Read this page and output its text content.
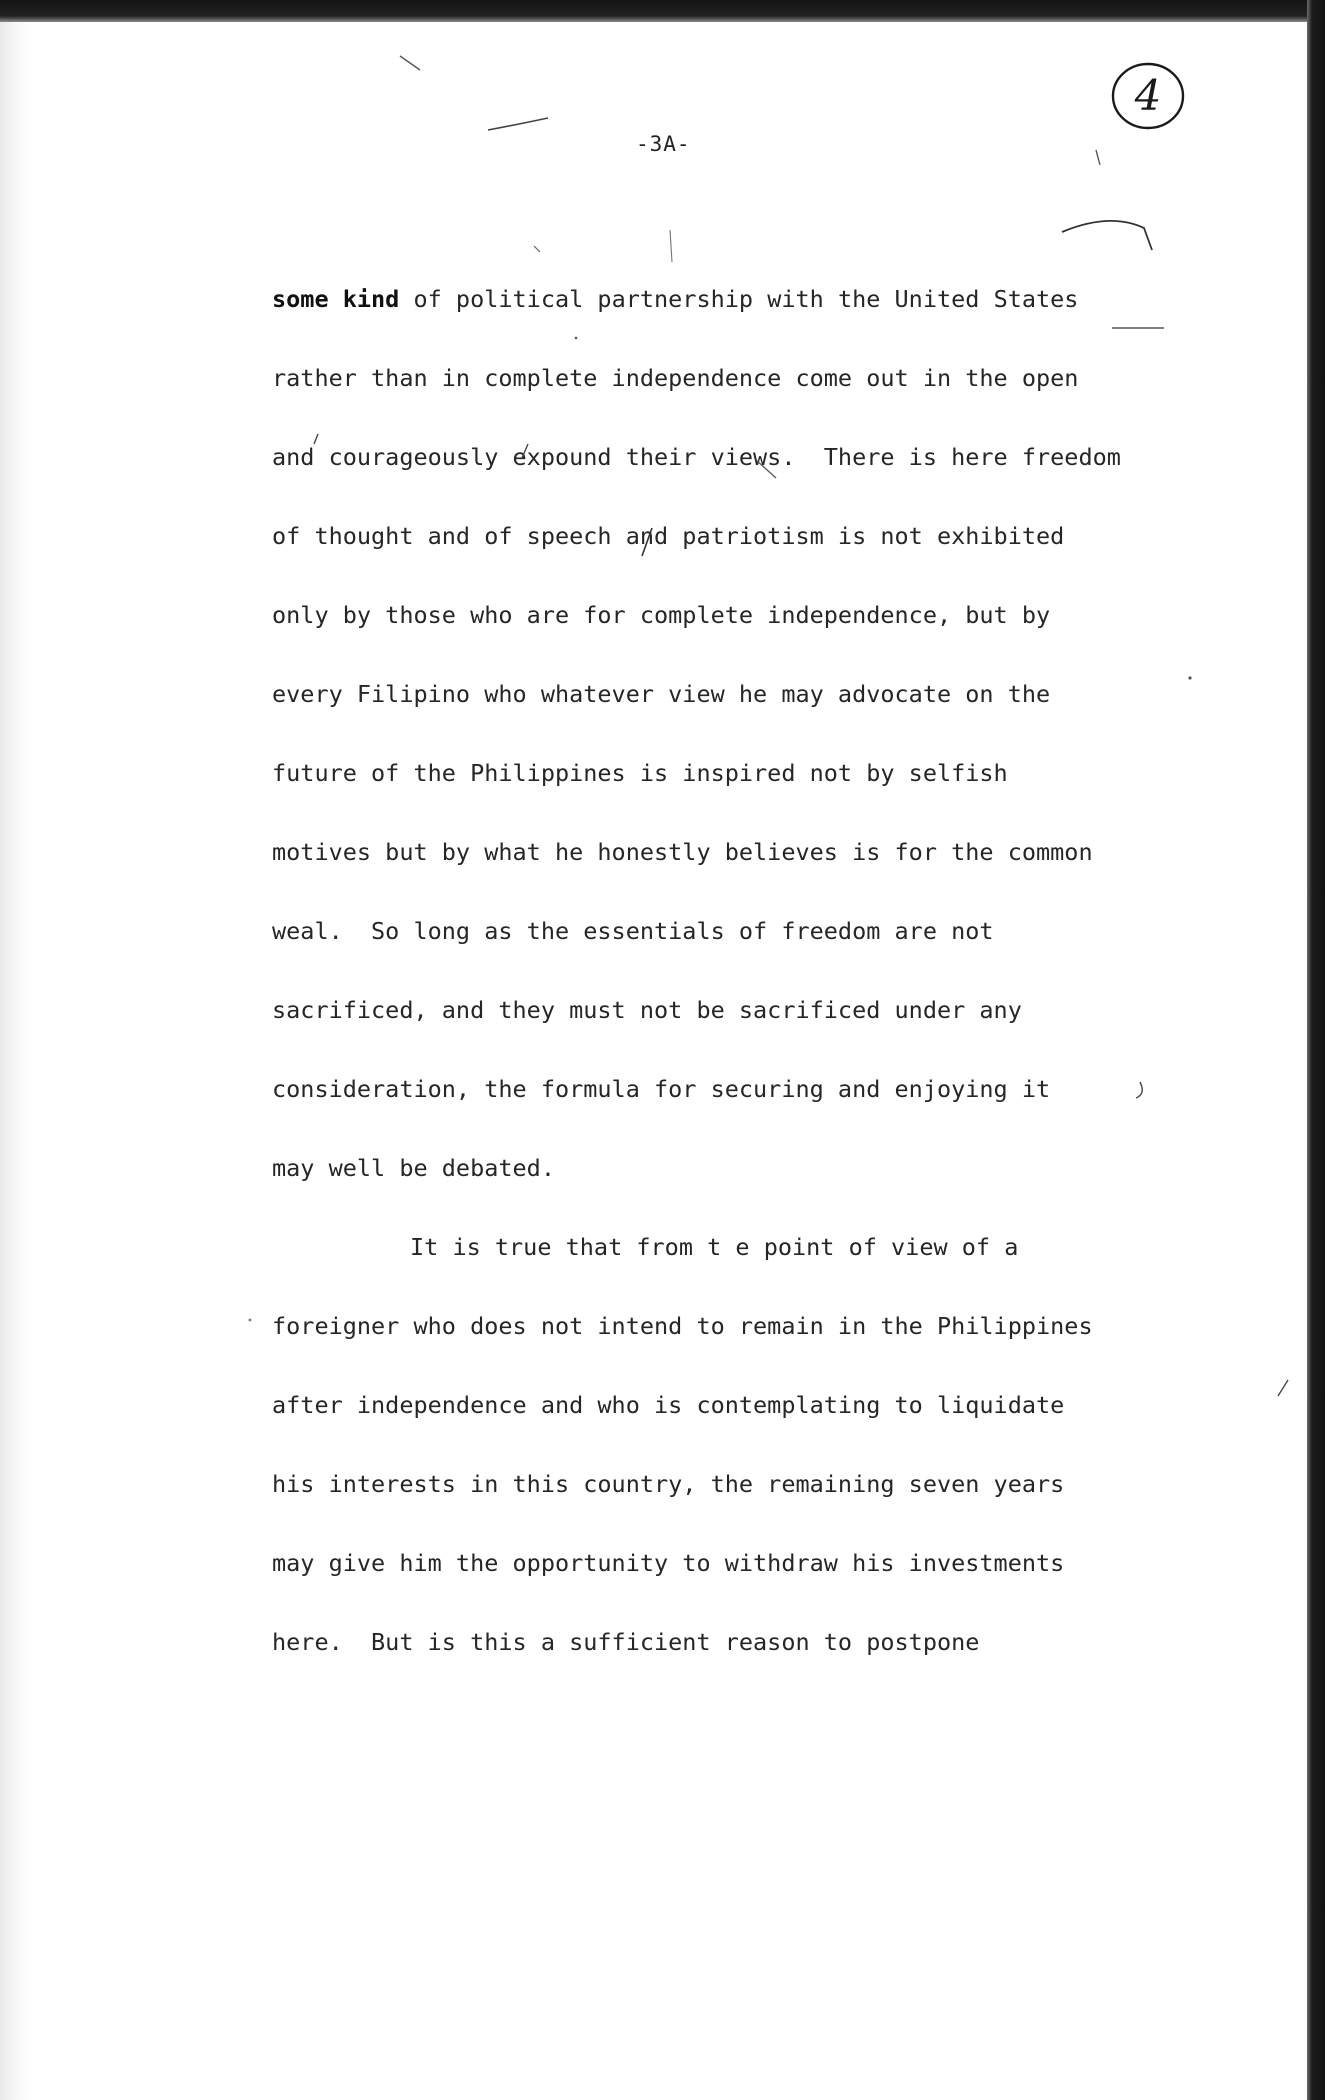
-3A-
4
some kind of political partnership with the United States
rather than in complete independence come out in the open
and courageously expound their views.  There is here freedom
of thought and of speech and patriotism is not exhibited
only by those who are for complete independence, but by
every Filipino who whatever view he may advocate on the
future of the Philippines is inspired not by selfish
motives but by what he honestly believes is for the common
weal.  So long as the essentials of freedom are not
sacrificed, and they must not be sacrificed under any
consideration, the formula for securing and enjoying it
may well be debated.
It is true that from t e point of view of a
foreigner who does not intend to remain in the Philippines
after independence and who is contemplating to liquidate
his interests in this country, the remaining seven years
may give him the opportunity to withdraw his investments
here.  But is this a sufficient reason to postpone
